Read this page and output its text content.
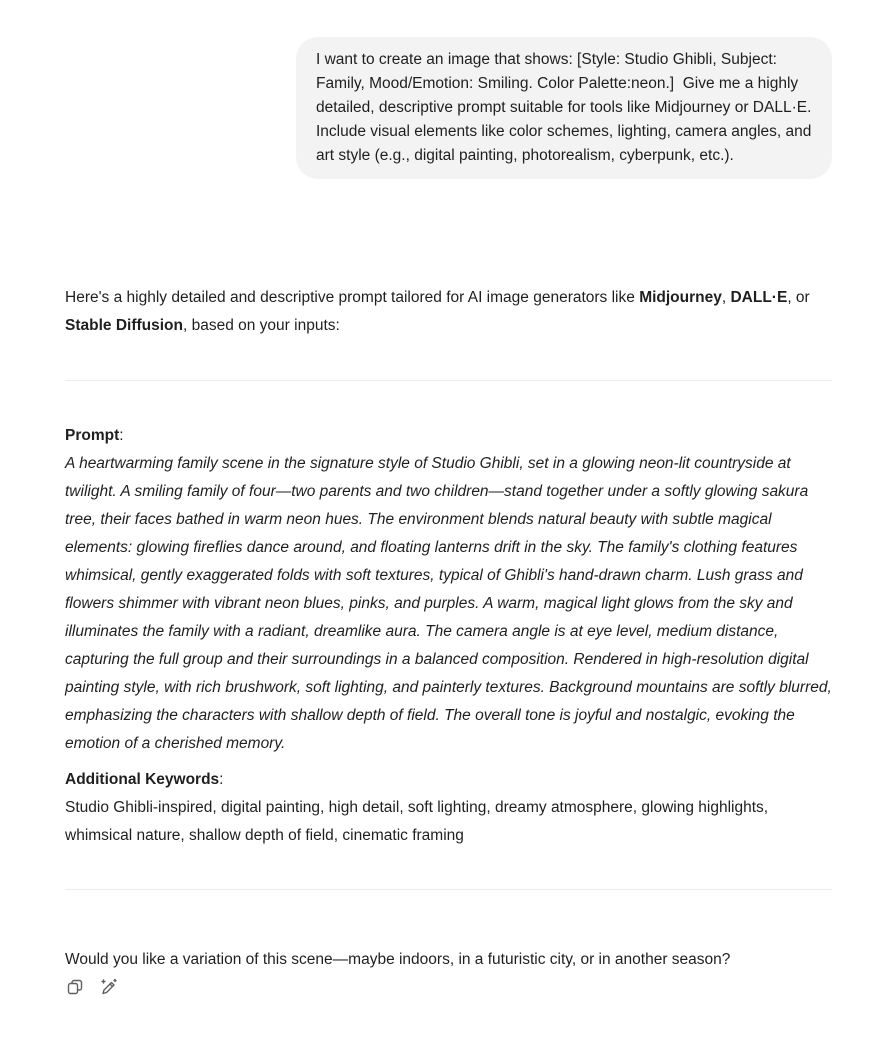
I want to create an image that shows: [Style: Studio Ghibli, Subject: Family, Mood/Emotion: Smiling. Color Palette:neon.]  Give me a highly detailed, descriptive prompt suitable for tools like Midjourney or DALL·E.

Include visual elements like color schemes, lighting, camera angles, and art style (e.g., digital painting, photorealism, cyberpunk, etc.).

Here's a highly detailed and descriptive prompt tailored for AI image generators like Midjourney, DALL·E, or Stable Diffusion, based on your inputs:

Prompt:

A heartwarming family scene in the signature style of Studio Ghibli, set in a glowing neon-lit countryside at twilight. A smiling family of four—two parents and two children—stand together under a softly glowing sakura tree, their faces bathed in warm neon hues. The environment blends natural beauty with subtle magical elements: glowing fireflies dance around, and floating lanterns drift in the sky. The family's clothing features whimsical, gently exaggerated folds with soft textures, typical of Ghibli's hand-drawn charm. Lush grass and flowers shimmer with vibrant neon blues, pinks, and purples. A warm, magical light glows from the sky and illuminates the family with a radiant, dreamlike aura. The camera angle is at eye level, medium distance, capturing the full group and their surroundings in a balanced composition. Rendered in high-resolution digital painting style, with rich brushwork, soft lighting, and painterly textures. Background mountains are softly blurred, emphasizing the characters with shallow depth of field. The overall tone is joyful and nostalgic, evoking the emotion of a cherished memory.

Additional Keywords:

Studio Ghibli-inspired, digital painting, high detail, soft lighting, dreamy atmosphere, glowing highlights, whimsical nature, shallow depth of field, cinematic framing

Would you like a variation of this scene—maybe indoors, in a futuristic city, or in another season?
